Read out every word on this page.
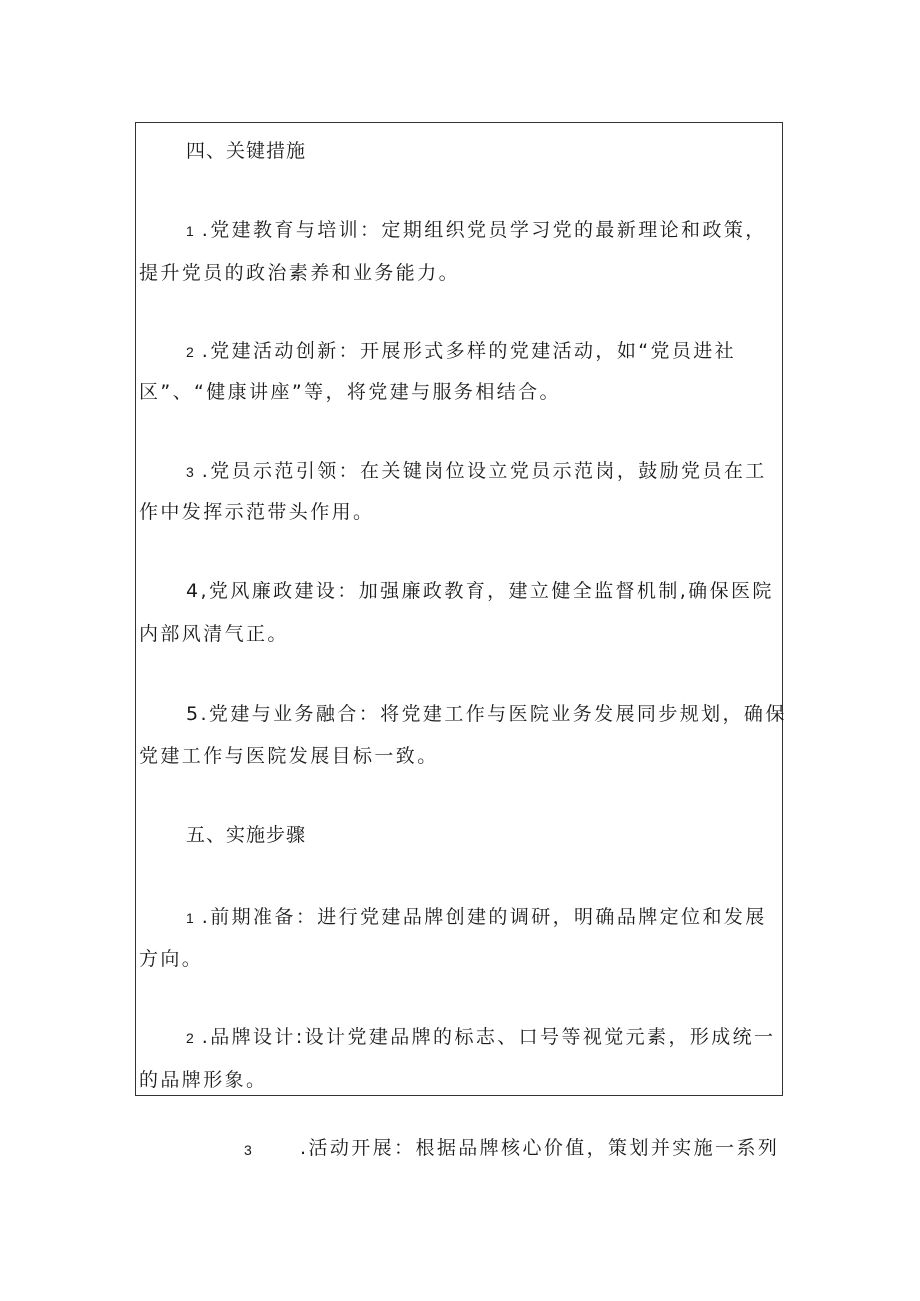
四、关键措施
1 .党建教育与培训：定期组织党员学习党的最新理论和政策，
提升党员的政治素养和业务能力。
2 .党建活动创新：开展形式多样的党建活动，如“党员进社
区”、“健康讲座”等，将党建与服务相结合。
3 .党员示范引领：在关键岗位设立党员示范岗，鼓励党员在工
作中发挥示范带头作用。
4,党风廉政建设：加强廉政教育，建立健全监督机制,确保医院
内部风清气正。
5.党建与业务融合：将党建工作与医院业务发展同步规划，确保
党建工作与医院发展目标一致。
五、实施步骤
1 .前期准备：进行党建品牌创建的调研，明确品牌定位和发展
方向。
2 .品牌设计:设计党建品牌的标志、口号等视觉元素，形成统一
的品牌形象。
3	.活动开展：根据品牌核心价值，策划并实施一系列
